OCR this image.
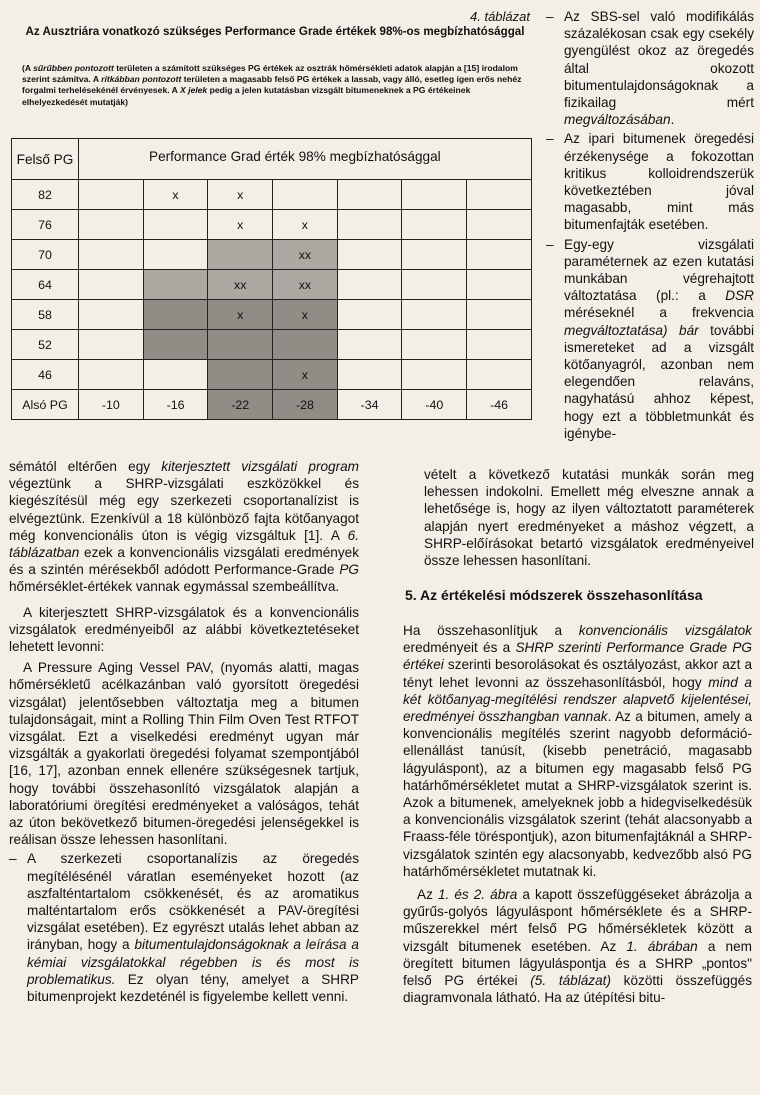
4. táblázat
Az Ausztriára vonatkozó szükséges Performance Grade értékek 98%-os megbízhatósággal
(A sűrűbben pontozott területen a számított szükséges PG értékek az osztrák hőmérsékleti adatok alapján a [15] irodalom szerint számítva. A ritkábban pontozott területen a magasabb felső PG értékek a lassab, vagy álló, esetleg igen erős nehéz forgalmi terhelésekénél érvényesek. A X jelek pedig a jelen kutatásban vizsgált bitumeneknek a PG értékeinek elhelyezkedését mutatják)
Felső PG	Performance Grad érték 98% megbízhatósággal						
82		x	x				
76			x	x			
70				xx			
64			xx	xx			
58			x	x			
52							
46				x			
Alsó PG	-10	-16	-22	-28	-34	-40	-46
– Az SBS-sel való modifikálás százalékosan csak egy csekély gyengülést okoz az öregedés által okozott bitumentulajdonságoknak a fizikailag mért megváltozásában.
– Az ipari bitumenek öregedési érzékenysége a fokozottan kritikus kolloidrendszerük következtében jóval magasabb, mint más bitumenfajták esetében.
– Egy-egy vizsgálati paraméternek az ezen kutatási munkában végrehajtott változtatása (pl.: a DSR méréseknél a frekvencia megváltoztatása) bár további ismereteket ad a vizsgált kötőanyagról, azonban nem elegendően relaváns, nagyhatású ahhoz képest, hogy ezt a többletmunkát és igénybe-

vételt a következő kutatási munkák során meg lehessen indokolni. Emellett még elveszne annak a lehetősége is, hogy az ilyen változtatott paraméterek alapján nyert eredményeket a máshoz végzett, a SHRP-előírásokat betartó vizsgálatok eredményeivel össze lehessen hasonlítani.

5. Az értékelési módszerek összehasonlítása

Ha összehasonlítjuk a konvencionális vizsgálatok eredményeit és a SHRP szerinti Performance Grade PG értékei szerinti besorolásokat és osztályozást, akkor azt a tényt lehet levonni az összehasonlításból, hogy mind a két kötőanyag-megítélési rendszer alapvető kijelentései, eredményei összhangban vannak. Az a bitumen, amely a konvencionális megítélés szerint nagyobb deformáció-ellenállást tanúsít, (kisebb penetráció, magasabb lágyuláspont), az a bitumen egy magasabb felső PG határhőmérsékletet mutat a SHRP-vizsgálatok szerint is. Azok a bitumenek, amelyeknek jobb a hidegviselkedésük a konvencionális vizsgálatok szerint (tehát alacsonyabb a Fraass-féle töréspontjuk), azon bitumenfajtáknál a SHRP-vizsgálatok szintén egy alacsonyabb, kedvezőbb alsó PG határhőmérsékletet mutatnak ki.

Az 1. és 2. ábra a kapott összefüggéseket ábrázolja a gyűrűs-golyós lágyuláspont hőmérséklete és a SHRP-műszerekkel mért felső PG hőmérsékletek között a vizsgált bitumenek esetében. Az 1. ábrában a nem öregített bitumen lágyuláspontja és a SHRP „pontos" felső PG értékei (5. táblázat) közötti összefüggés diagramvonala látható. Ha az útépítési bitu-

sémától eltérően egy kiterjesztett vizsgálati program végeztünk a SHRP-vizsgálati eszközökkel és kiegészítésül még egy szerkezeti csoportanalízist is elvégeztünk. Ezenkívül a 18 különböző fajta kötőanyagot még konvencionális úton is végig vizsgáltuk [1]. A 6. táblázatban ezek a konvencionális vizsgálati eredmények és a szintén mérésekből adódott Performance-Grade PG hőmérséklet-értékek vannak egymással szembeállítva.

A kiterjesztett SHRP-vizsgálatok és a konvencionális vizsgálatok eredményeiből az alábbi következtetéseket lehetett levonni:

A Pressure Aging Vessel PAV, (nyomás alatti, magas hőmérsékletű acélkazánban való gyorsított öregedési vizsgálat) jelentősebben változtatja meg a bitumen tulajdonságait, mint a Rolling Thin Film Oven Test RTFOT vizsgálat. Ezt a viselkedési eredményt ugyan már vizsgálták a gyakorlati öregedési folyamat szempontjából [16, 17], azonban ennek ellenére szükségesnek tartjuk, hogy további összehasonlító vizsgálatok alapján a laboratóriumi öregítési eredményeket a valóságos, tehát az úton bekövetkező bitumen-öregedési jelenségekkel is reálisan össze lehessen hasonlítani.

– A szerkezeti csoportanalízis az öregedés megítélésénél váratlan eseményeket hozott (az aszfalténtartalom csökkenését, és az aromatikus malténtartalom erős csökkenését a PAV-öregítési vizsgálat esetében). Ez egyrészt utalás lehet abban az irányban, hogy a bitumentulajdonságoknak a leírása a kémiai vizsgálatokkal régebben is és most is problematikus. Ez olyan tény, amelyet a SHRP bitumenprojekt kezdeténél is figyelembe kellett venni.
